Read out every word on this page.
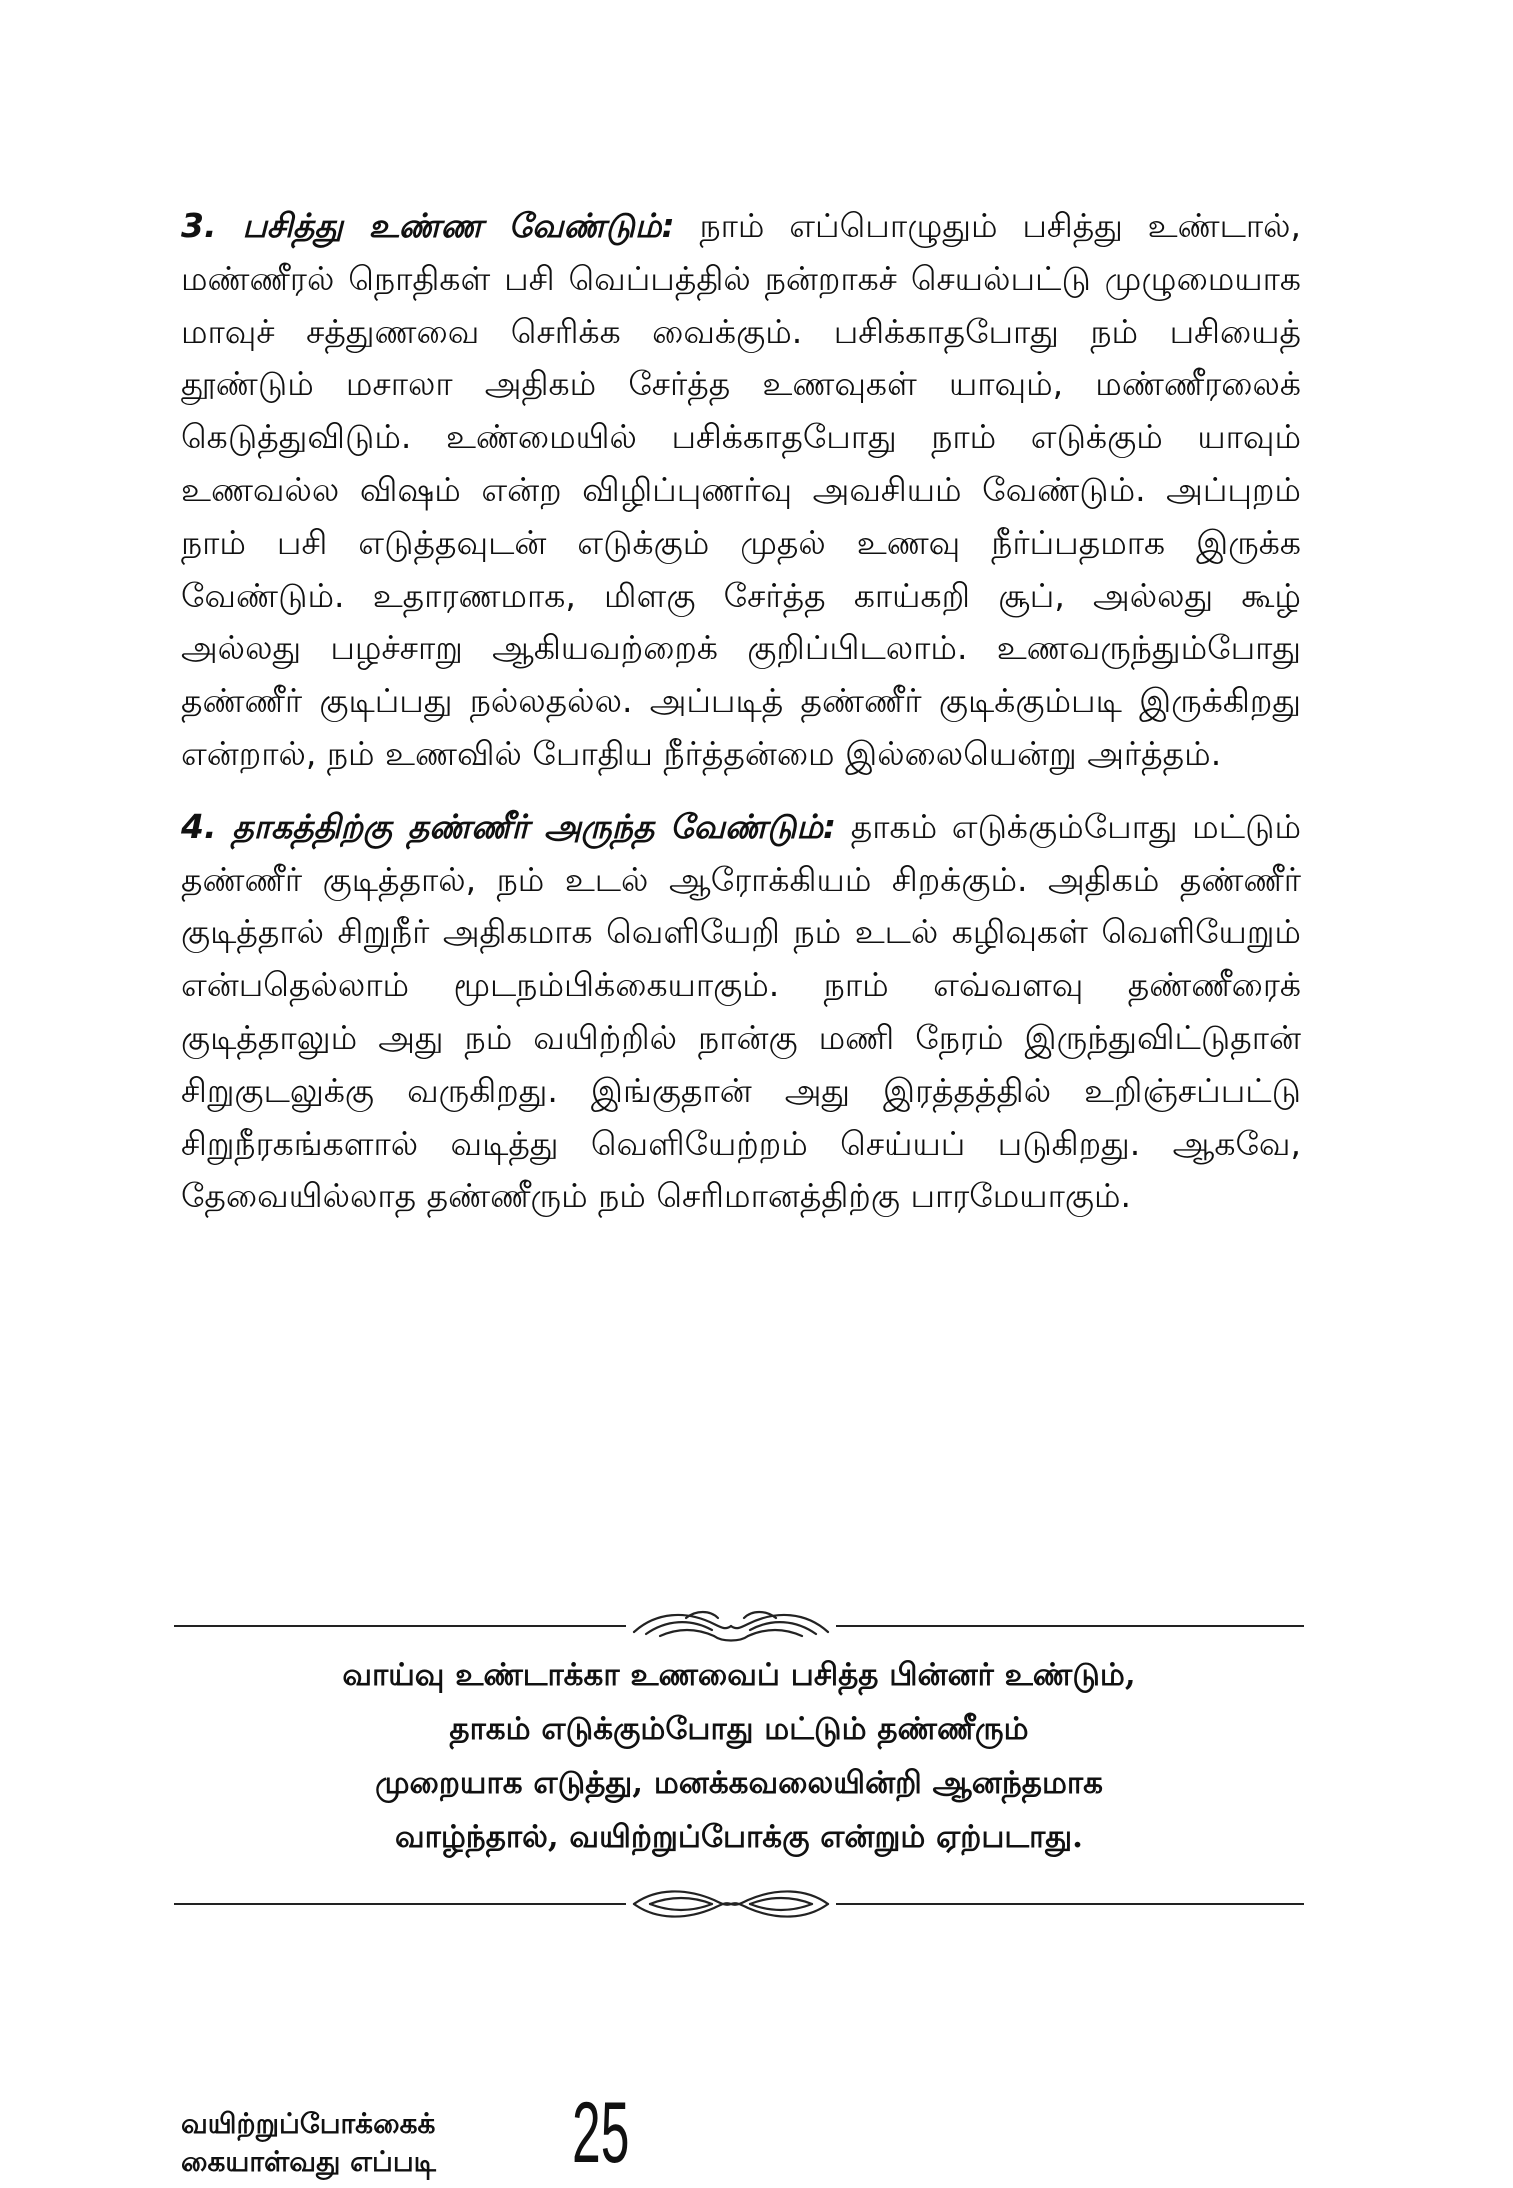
3. பசித்து உண்ண வேண்டும்: நாம் எப்பொழுதும் பசித்து உண்டால், மண்ணீரல் நொதிகள் பசி வெப்பத்தில் நன்றாகச் செயல்பட்டு முழுமையாக மாவுச் சத்துணவை செரிக்க வைக்கும். பசிக்காதபோது நம் பசியைத் தூண்டும் மசாலா அதிகம் சேர்த்த உணவுகள் யாவும், மண்ணீரலைக் கெடுத்துவிடும். உண்மையில் பசிக்காதபோது நாம் எடுக்கும் யாவும் உணவல்ல விஷம் என்ற விழிப்புணர்வு அவசியம் வேண்டும். அப்புறம் நாம் பசி எடுத்தவுடன் எடுக்கும் முதல் உணவு நீர்ப்பதமாக இருக்க வேண்டும். உதாரணமாக, மிளகு சேர்த்த காய்கறி சூப், அல்லது கூழ் அல்லது பழச்சாறு ஆகியவற்றைக் குறிப்பிடலாம். உணவருந்தும்போது தண்ணீர் குடிப்பது நல்லதல்ல. அப்படித் தண்ணீர் குடிக்கும்படி இருக்கிறது என்றால், நம் உணவில் போதிய நீர்த்தன்மை இல்லையென்று அர்த்தம்.

4. தாகத்திற்கு தண்ணீர் அருந்த வேண்டும்: தாகம் எடுக்கும்போது மட்டும் தண்ணீர் குடித்தால், நம் உடல் ஆரோக்கியம் சிறக்கும். அதிகம் தண்ணீர் குடித்தால் சிறுநீர் அதிகமாக வெளியேறி நம் உடல் கழிவுகள் வெளியேறும் என்பதெல்லாம் மூடநம்பிக்கையாகும். நாம் எவ்வளவு தண்ணீரைக் குடித்தாலும் அது நம் வயிற்றில் நான்கு மணி நேரம் இருந்துவிட்டுதான் சிறுகுடலுக்கு வருகிறது. இங்குதான் அது இரத்தத்தில் உறிஞ்சப்பட்டு சிறுநீரகங்களால் வடித்து வெளியேற்றம் செய்யப் படுகிறது. ஆகவே, தேவையில்லாத தண்ணீரும் நம் செரிமானத்திற்கு பாரமேயாகும்.

வாய்வு உண்டாக்கா உணவைப் பசித்த பின்னர் உண்டும்,
தாகம் எடுக்கும்போது மட்டும் தண்ணீரும்
முறையாக எடுத்து, மனக்கவலையின்றி ஆனந்தமாக
வாழ்ந்தால், வயிற்றுப்போக்கு என்றும் ஏற்படாது.
வயிற்றுப்போக்கைக்
கையாள்வது எப்படி 25
